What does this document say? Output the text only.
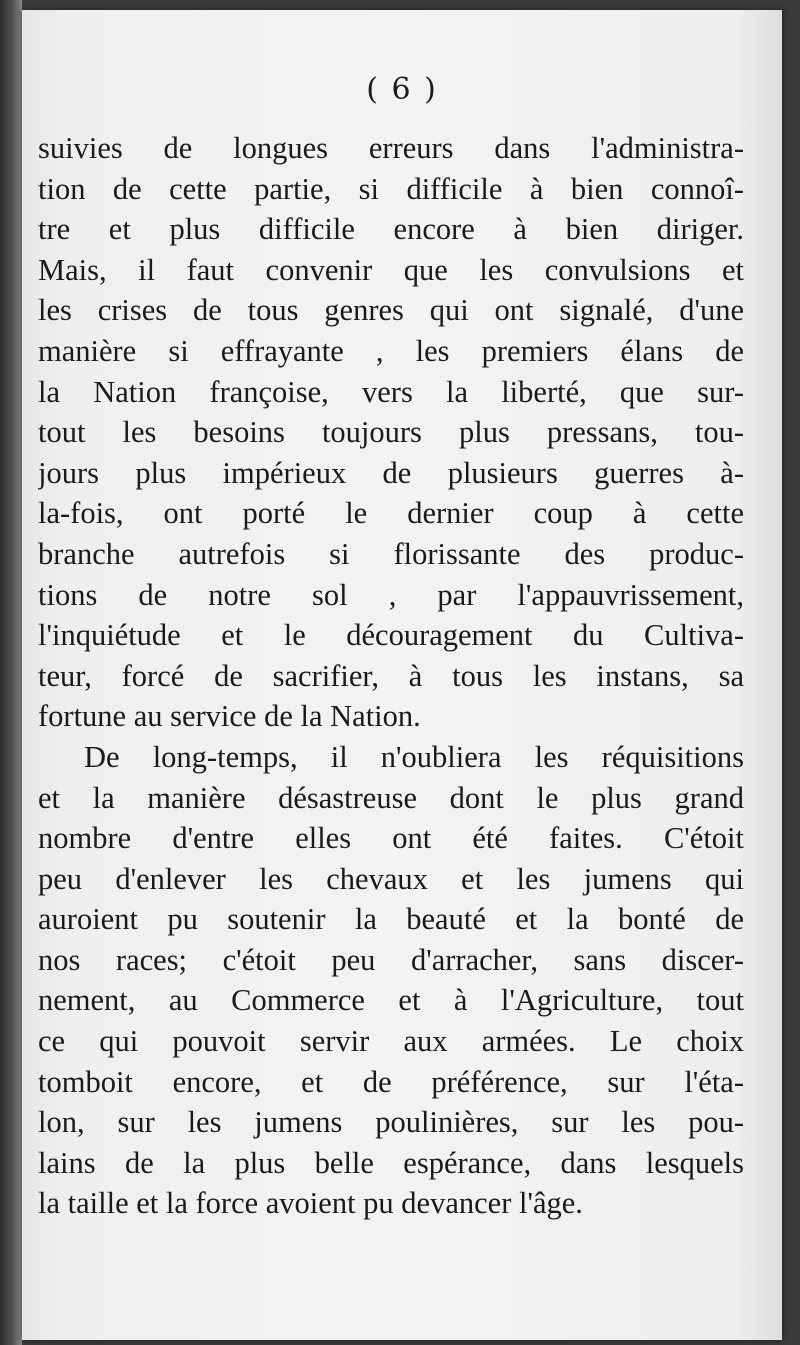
( 6 )
suivies de longues erreurs dans l'administra-
tion de cette partie, si difficile à bien connoî-
tre et plus difficile encore à bien diriger.
Mais, il faut convenir que les convulsions et
les crises de tous genres qui ont signalé, d'une
manière si effrayante , les premiers élans de
la Nation françoise, vers la liberté, que sur-
tout les besoins toujours plus pressans, tou-
jours plus impérieux de plusieurs guerres à-
la-fois, ont porté le dernier coup à cette
branche autrefois si florissante des produc-
tions de notre sol , par l'appauvrissement,
l'inquiétude et le découragement du Cultiva-
teur, forcé de sacrifier, à tous les instans, sa
fortune au service de la Nation.
De long-temps, il n'oubliera les réquisitions
et la manière désastreuse dont le plus grand
nombre d'entre elles ont été faites. C'étoit
peu d'enlever les chevaux et les jumens qui
auroient pu soutenir la beauté et la bonté de
nos races; c'étoit peu d'arracher, sans discer-
nement, au Commerce et à l'Agriculture, tout
ce qui pouvoit servir aux armées. Le choix
tomboit encore, et de préférence, sur l'éta-
lon, sur les jumens poulinières, sur les pou-
lains de la plus belle espérance, dans lesquels
la taille et la force avoient pu devancer l'âge.
